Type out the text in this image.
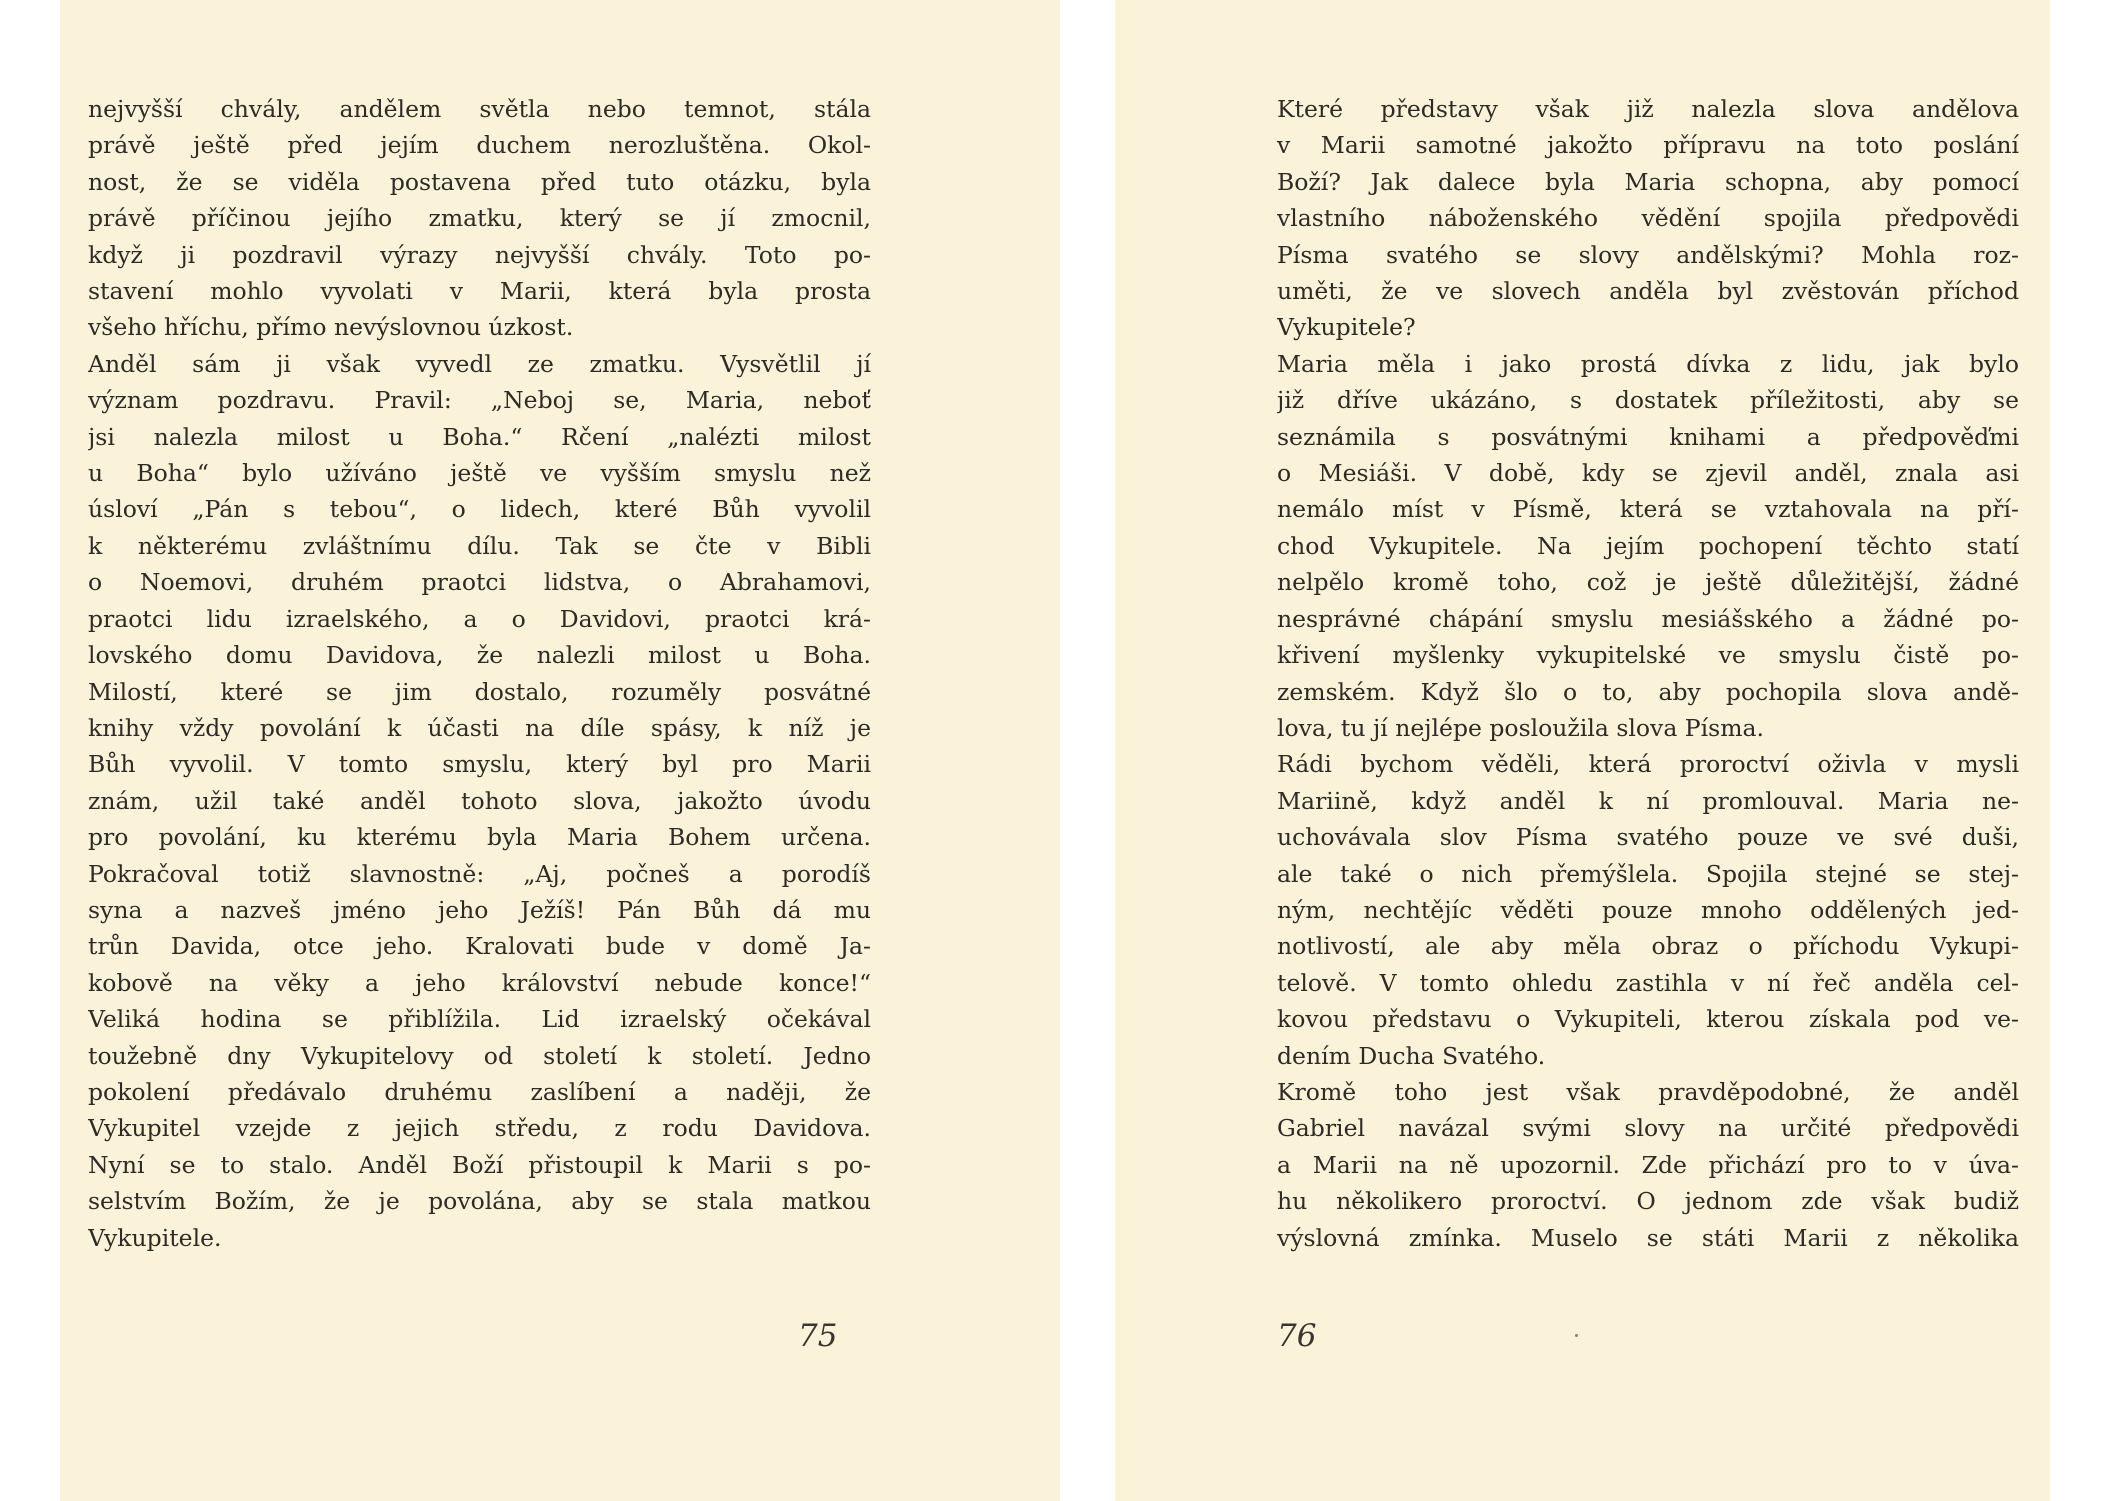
nejvyšší chvály, andělem světla nebo temnot, stála
právě ještě před jejím duchem nerozluštěna. Okol-
nost, že se viděla postavena před tuto otázku, byla
právě příčinou jejího zmatku, který se jí zmocnil,
když ji pozdravil výrazy nejvyšší chvály. Toto po-
stavení mohlo vyvolati v Marii, která byla prosta
všeho hříchu, přímo nevýslovnou úzkost.
Anděl sám ji však vyvedl ze zmatku. Vysvětlil jí
význam pozdravu. Pravil: „Neboj se, Maria, neboť
jsi nalezla milost u Boha.“ Rčení „nalézti milost
u Boha“ bylo užíváno ještě ve vyšším smyslu než
úsloví „Pán s tebou“, o lidech, které Bůh vyvolil
k některému zvláštnímu dílu. Tak se čte v Bibli
o Noemovi, druhém praotci lidstva, o Abrahamovi,
praotci lidu izraelského, a o Davidovi, praotci krá-
lovského domu Davidova, že nalezli milost u Boha.
Milostí, které se jim dostalo, rozuměly posvátné
knihy vždy povolání k účasti na díle spásy, k níž je
Bůh vyvolil. V tomto smyslu, který byl pro Marii
znám, užil také anděl tohoto slova, jakožto úvodu
pro povolání, ku kterému byla Maria Bohem určena.
Pokračoval totiž slavnostně: „Aj, počneš a porodíš
syna a nazveš jméno jeho Ježíš! Pán Bůh dá mu
trůn Davida, otce jeho. Kralovati bude v domě Ja-
kobově na věky a jeho království nebude konce!“
Veliká hodina se přiblížila. Lid izraelský očekával
toužebně dny Vykupitelovy od století k století. Jedno
pokolení předávalo druhému zaslíbení a naději, že
Vykupitel vzejde z jejich středu, z rodu Davidova.
Nyní se to stalo. Anděl Boží přistoupil k Marii s po-
selstvím Božím, že je povolána, aby se stala matkou
Vykupitele.
75
Které představy však již nalezla slova andělova
v Marii samotné jakožto přípravu na toto poslání
Boží? Jak dalece byla Maria schopna, aby pomocí
vlastního náboženského vědění spojila předpovědi
Písma svatého se slovy andělskými? Mohla roz-
uměti, že ve slovech anděla byl zvěstován příchod
Vykupitele?
Maria měla i jako prostá dívka z lidu, jak bylo
již dříve ukázáno, s dostatek příležitosti, aby se
seznámila s posvátnými knihami a předpověďmi
o Mesiáši. V době, kdy se zjevil anděl, znala asi
nemálo míst v Písmě, která se vztahovala na pří-
chod Vykupitele. Na jejím pochopení těchto statí
nelpělo kromě toho, což je ještě důležitější, žádné
nesprávné chápání smyslu mesiášského a žádné po-
křivení myšlenky vykupitelské ve smyslu čistě po-
zemském. Když šlo o to, aby pochopila slova andě-
lova, tu jí nejlépe posloužila slova Písma.
Rádi bychom věděli, která proroctví oživla v mysli
Mariině, když anděl k ní promlouval. Maria ne-
uchovávala slov Písma svatého pouze ve své duši,
ale také o nich přemýšlela. Spojila stejné se stej-
ným, nechtějíc věděti pouze mnoho oddělených jed-
notlivostí, ale aby měla obraz o příchodu Vykupi-
telově. V tomto ohledu zastihla v ní řeč anděla cel-
kovou představu o Vykupiteli, kterou získala pod ve-
dením Ducha Svatého.
Kromě toho jest však pravděpodobné, že anděl
Gabriel navázal svými slovy na určité předpovědi
a Marii na ně upozornil. Zde přichází pro to v úva-
hu několikero proroctví. O jednom zde však budiž
výslovná zmínka. Muselo se státi Marii z několika
76
